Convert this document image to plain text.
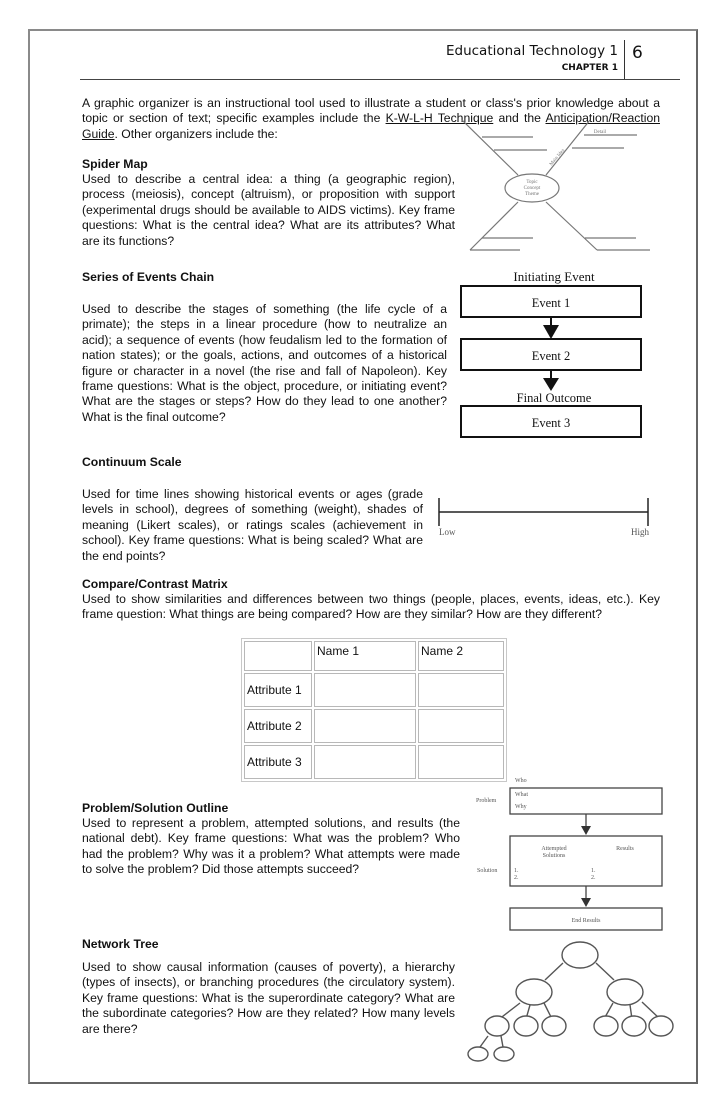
Educational Technology 1
CHAPTER 1
6
A graphic organizer is an instructional tool used to illustrate a student or class's prior knowledge about a topic or section of text; specific examples include the K-W-L-H Technique and the Anticipation/Reaction Guide. Other organizers include the:
Spider Map
Used to describe a central idea: a thing (a geographic region), process (meiosis), concept (altruism), or proposition with support (experimental drugs should be available to AIDS victims). Key frame questions: What is the central idea? What are its attributes? What are its functions?
Topic
Concept
Theme
Detail
Main Idea
Series of Events Chain
Used to describe the stages of something (the life cycle of a primate); the steps in a linear procedure (how to neutralize an acid); a sequence of events (how feudalism led to the formation of nation states); or the goals, actions, and outcomes of a historical figure or character in a novel (the rise and fall of Napoleon). Key frame questions: What is the object, procedure, or initiating event? What are the stages or steps? How do they lead to one another? What is the final outcome?
Initiating Event
Event 1
Event 2
Final Outcome
Event 3
Continuum Scale
Used for time lines showing historical events or ages (grade levels in school), degrees of something (weight), shades of meaning (Likert scales), or ratings scales (achievement in school). Key frame questions: What is being scaled? What are the end points?
Low	High
Compare/Contrast Matrix
Used to show similarities and differences between two things (people, places, events, ideas, etc.). Key frame question: What things are being compared? How are they similar? How are they different?
	Name 1	Name 2
Attribute 1		
Attribute 2		
Attribute 3		
Problem/Solution Outline
Used to represent a problem, attempted solutions, and results (the national debt). Key frame questions: What was the problem? Who had the problem? Why was it a problem? What attempts were made to solve the problem? Did those attempts succeed?
Who
What
Why
Problem
Attempted
Solutions
Results
Solution	1.
2.
1.
2.
End Results
Network Tree
Used to show causal information (causes of poverty), a hierarchy (types of insects), or branching procedures (the circulatory system). Key frame questions: What is the superordinate category? What are the subordinate categories? How are they related? How many levels are there?
